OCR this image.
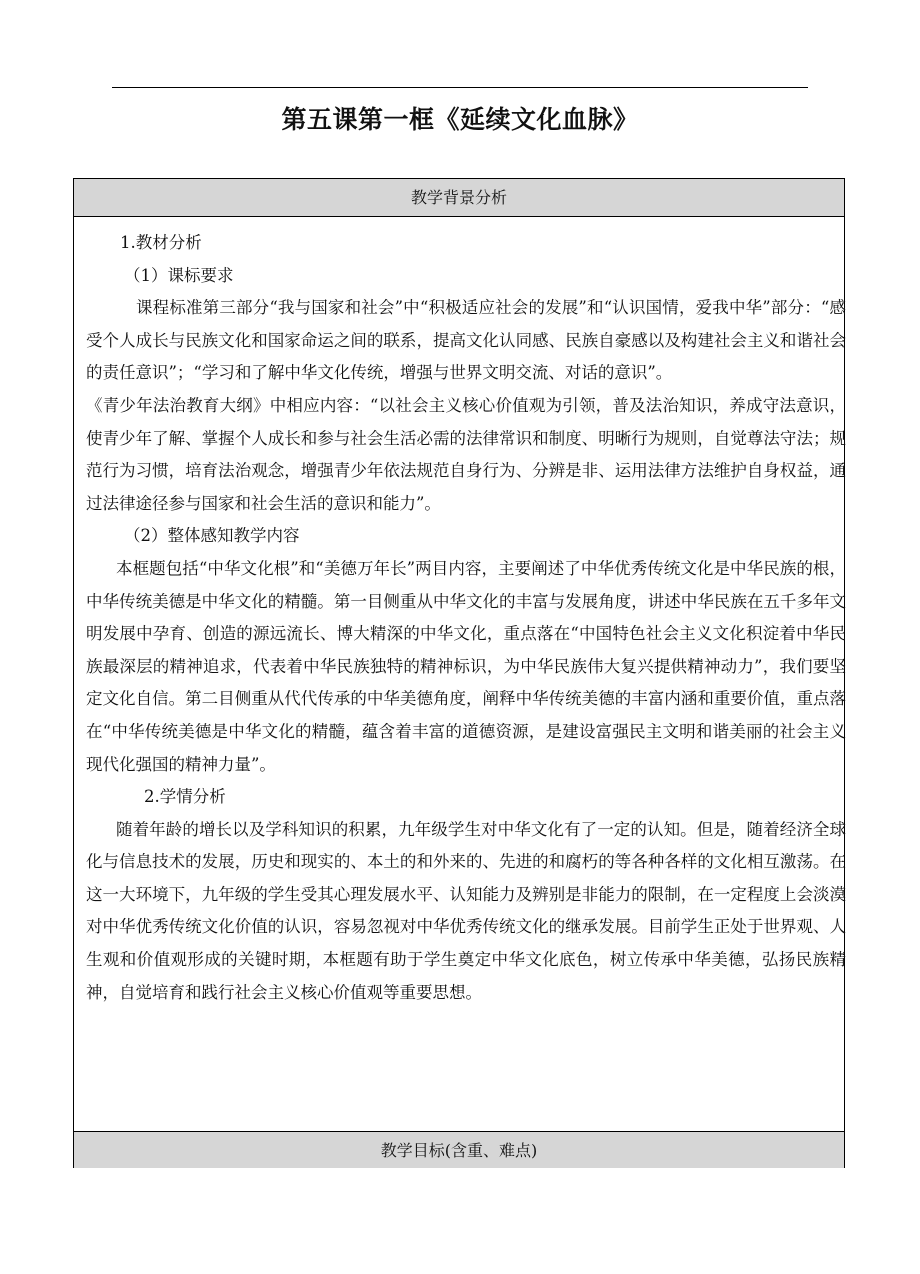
第五课第一框《延续文化血脉》
教学背景分析

1.教材分析

（1）课标要求

课程标准第三部分“我与国家和社会”中“积极适应社会的发展”和“认识国情，爱我中华”部分：“感受个人成长与民族文化和国家命运之间的联系，提高文化认同感、民族自豪感以及构建社会主义和谐社会的责任意识”；“学习和了解中华文化传统，增强与世界文明交流、对话的意识”。

《青少年法治教育大纲》中相应内容：“以社会主义核心价值观为引领，普及法治知识，养成守法意识，使青少年了解、掌握个人成长和参与社会生活必需的法律常识和制度、明晰行为规则，自觉尊法守法；规范行为习惯，培育法治观念，增强青少年依法规范自身行为、分辨是非、运用法律方法维护自身权益，通过法律途径参与国家和社会生活的意识和能力”。

（2）整体感知教学内容

本框题包括“中华文化根”和“美德万年长”两目内容，主要阐述了中华优秀传统文化是中华民族的根，中华传统美德是中华文化的精髓。第一目侧重从中华文化的丰富与发展角度，讲述中华民族在五千多年文明发展中孕育、创造的源远流长、博大精深的中华文化，重点落在“中国特色社会主义文化积淀着中华民族最深层的精神追求，代表着中华民族独特的精神标识，为中华民族伟大复兴提供精神动力”，我们要坚定文化自信。第二目侧重从代代传承的中华美德角度，阐释中华传统美德的丰富内涵和重要价值，重点落在“中华传统美德是中华文化的精髓，蕴含着丰富的道德资源，是建设富强民主文明和谐美丽的社会主义现代化强国的精神力量”。

2.学情分析

随着年龄的增长以及学科知识的积累，九年级学生对中华文化有了一定的认知。但是，随着经济全球化与信息技术的发展，历史和现实的、本土的和外来的、先进的和腐朽的等各种各样的文化相互激荡。在这一大环境下，九年级的学生受其心理发展水平、认知能力及辨别是非能力的限制，在一定程度上会淡漠对中华优秀传统文化价值的认识，容易忽视对中华优秀传统文化的继承发展。目前学生正处于世界观、人生观和价值观形成的关键时期，本框题有助于学生奠定中华文化底色，树立传承中华美德，弘扬民族精神，自觉培育和践行社会主义核心价值观等重要思想。

教学目标(含重、难点)
